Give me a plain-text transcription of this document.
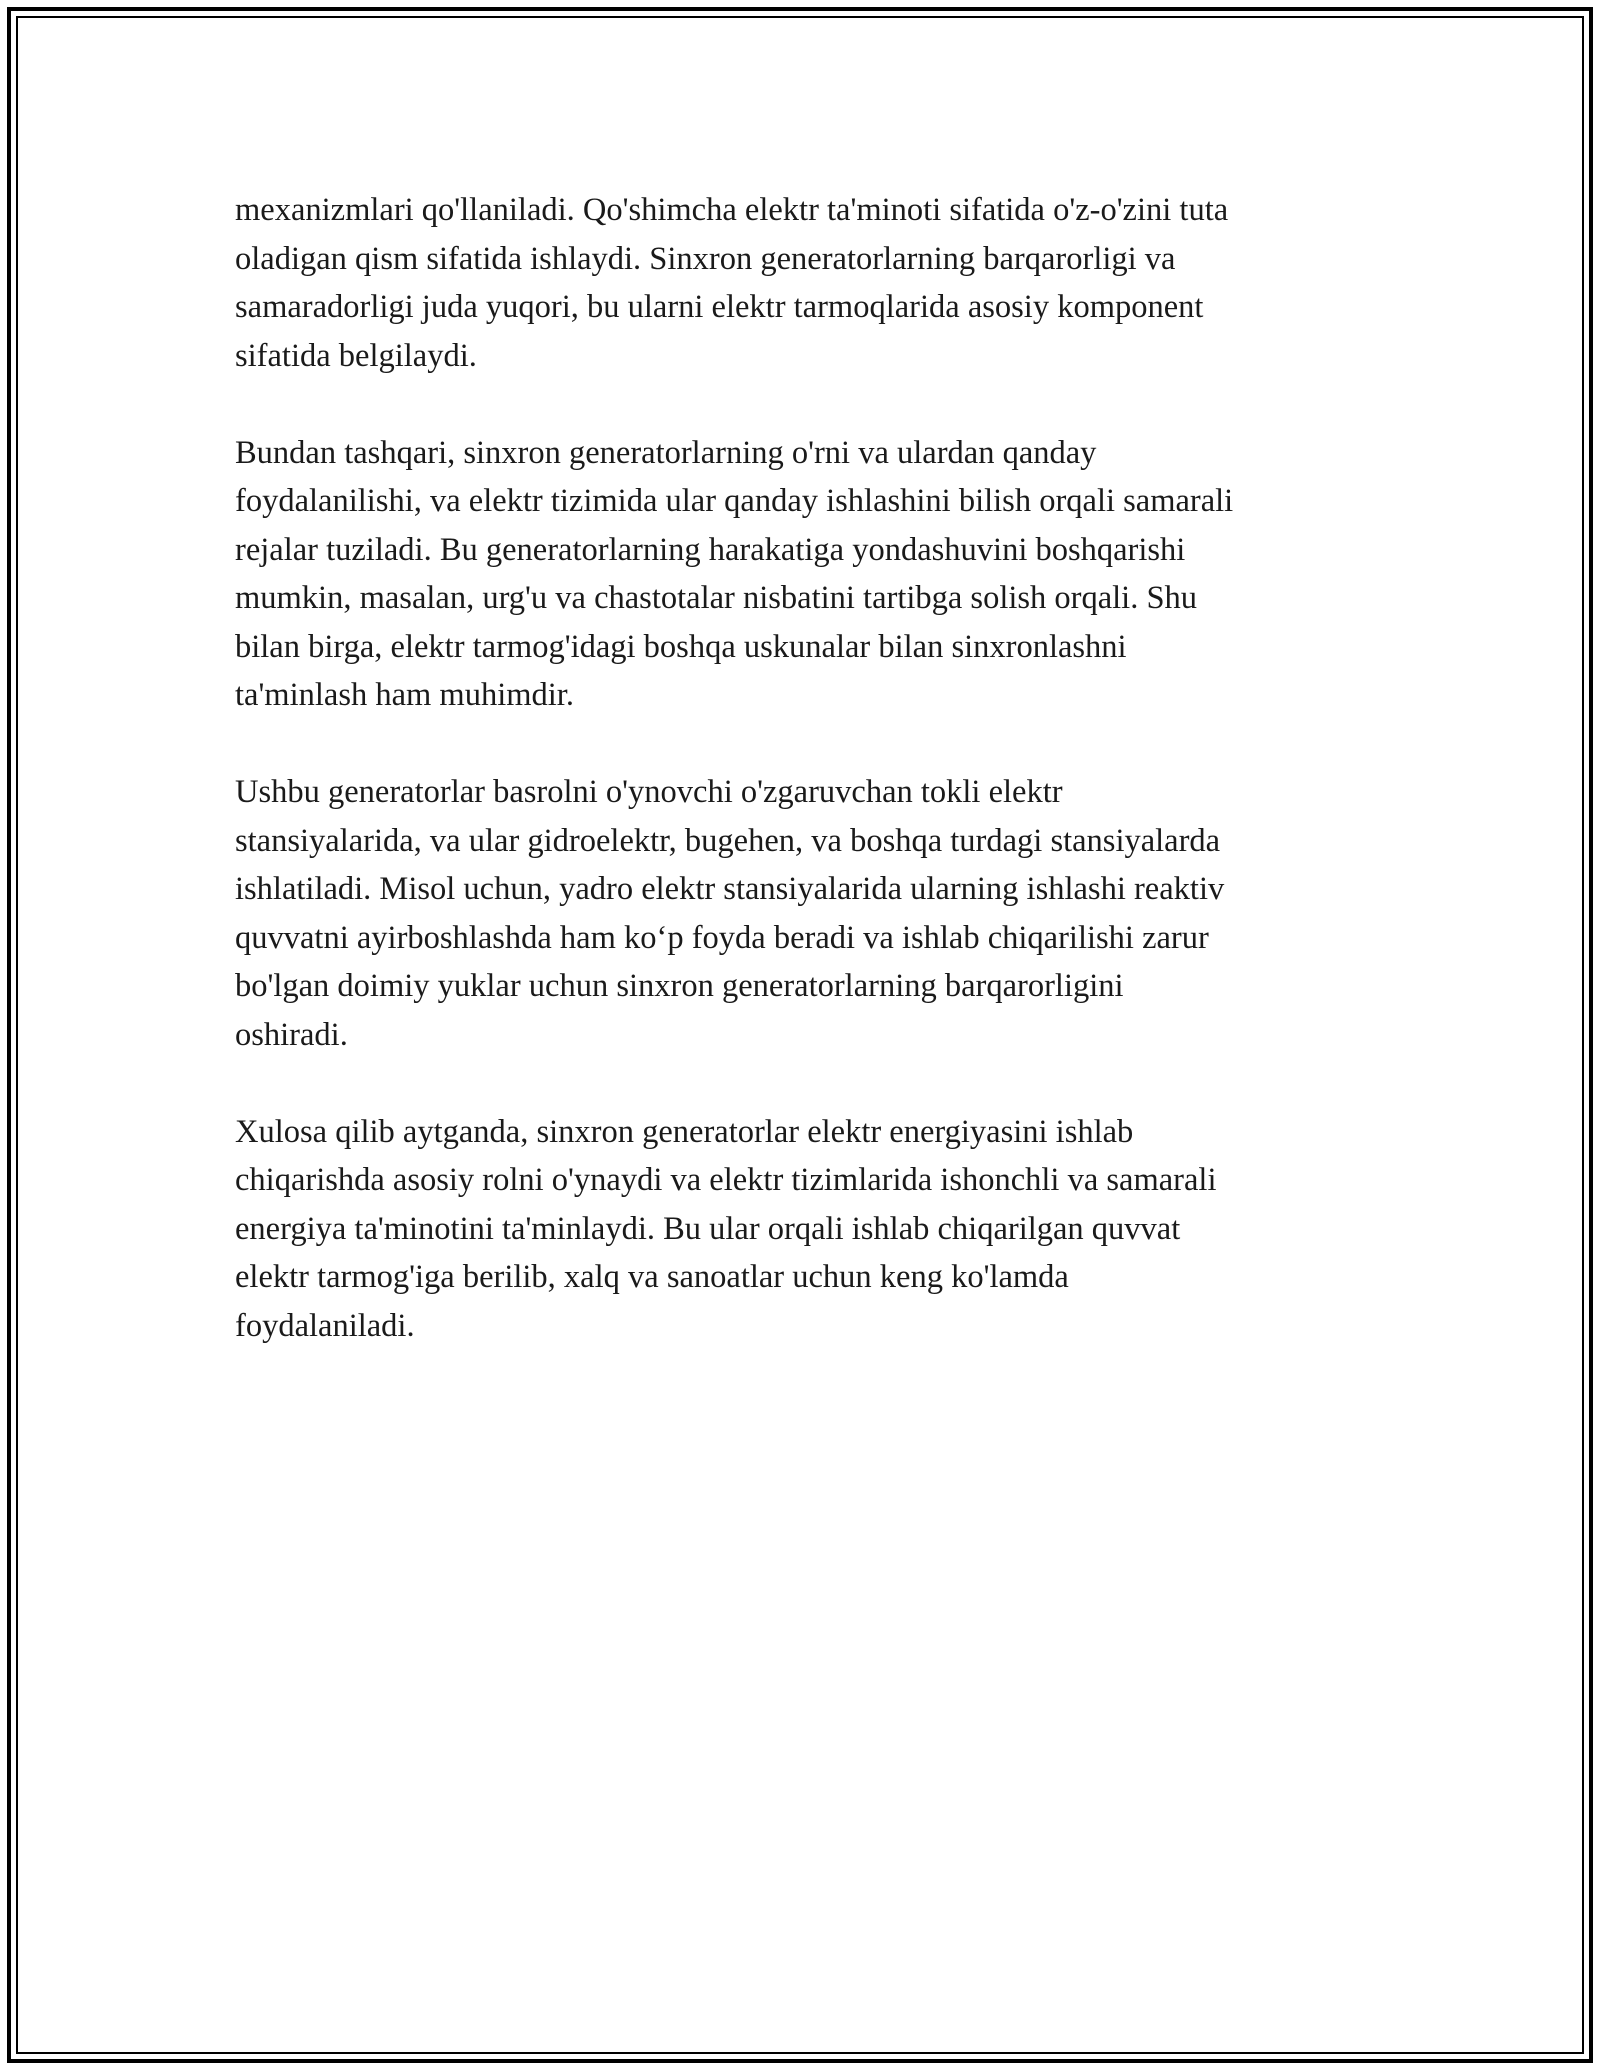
mexanizmlari qo'llaniladi. Qo'shimcha elektr ta'minoti sifatida o'z-o'zini tuta
oladigan qism sifatida ishlaydi. Sinxron generatorlarning barqarorligi va
samaradorligi juda yuqori, bu ularni elektr tarmoqlarida asosiy komponent
sifatida belgilaydi.

Bundan tashqari, sinxron generatorlarning o'rni va ulardan qanday
foydalanilishi, va elektr tizimida ular qanday ishlashini bilish orqali samarali
rejalar tuziladi. Bu generatorlarning harakatiga yondashuvini boshqarishi
mumkin, masalan, urg'u va chastotalar nisbatini tartibga solish orqali. Shu
bilan birga, elektr tarmog'idagi boshqa uskunalar bilan sinxronlashni
ta'minlash ham muhimdir.

Ushbu generatorlar basrolni o'ynovchi o'zgaruvchan tokli elektr
stansiyalarida, va ular gidroelektr, bugehen, va boshqa turdagi stansiyalarda
ishlatiladi. Misol uchun, yadro elektr stansiyalarida ularning ishlashi reaktiv
quvvatni ayirboshlashda ham ko‘p foyda beradi va ishlab chiqarilishi zarur
bo'lgan doimiy yuklar uchun sinxron generatorlarning barqarorligini
oshiradi.

Xulosa qilib aytganda, sinxron generatorlar elektr energiyasini ishlab
chiqarishda asosiy rolni o'ynaydi va elektr tizimlarida ishonchli va samarali
energiya ta'minotini ta'minlaydi. Bu ular orqali ishlab chiqarilgan quvvat
elektr tarmog'iga berilib, xalq va sanoatlar uchun keng ko'lamda
foydalaniladi.
